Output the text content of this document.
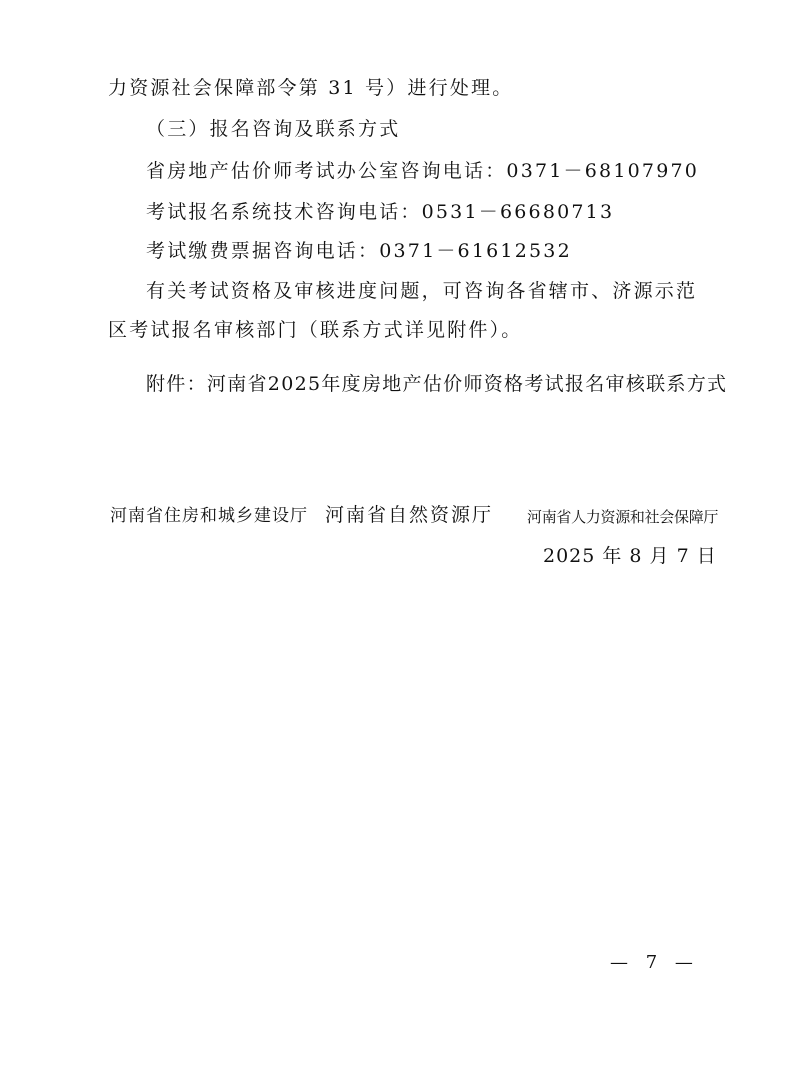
力资源社会保障部令第 31 号）进行处理。
（三）报名咨询及联系方式
省房地产估价师考试办公室咨询电话：0371－68107970
考试报名系统技术咨询电话：0531－66680713
考试缴费票据咨询电话：0371－61612532
有关考试资格及审核进度问题，可咨询各省辖市、济源示范
区考试报名审核部门（联系方式详见附件）。
附件：河南省2025年度房地产估价师资格考试报名审核联系方式
河南省住房和城乡建设厅 河南省自然资源厅 河南省人力资源和社会保障厅
2025 年 8 月 7 日
— 7 —
